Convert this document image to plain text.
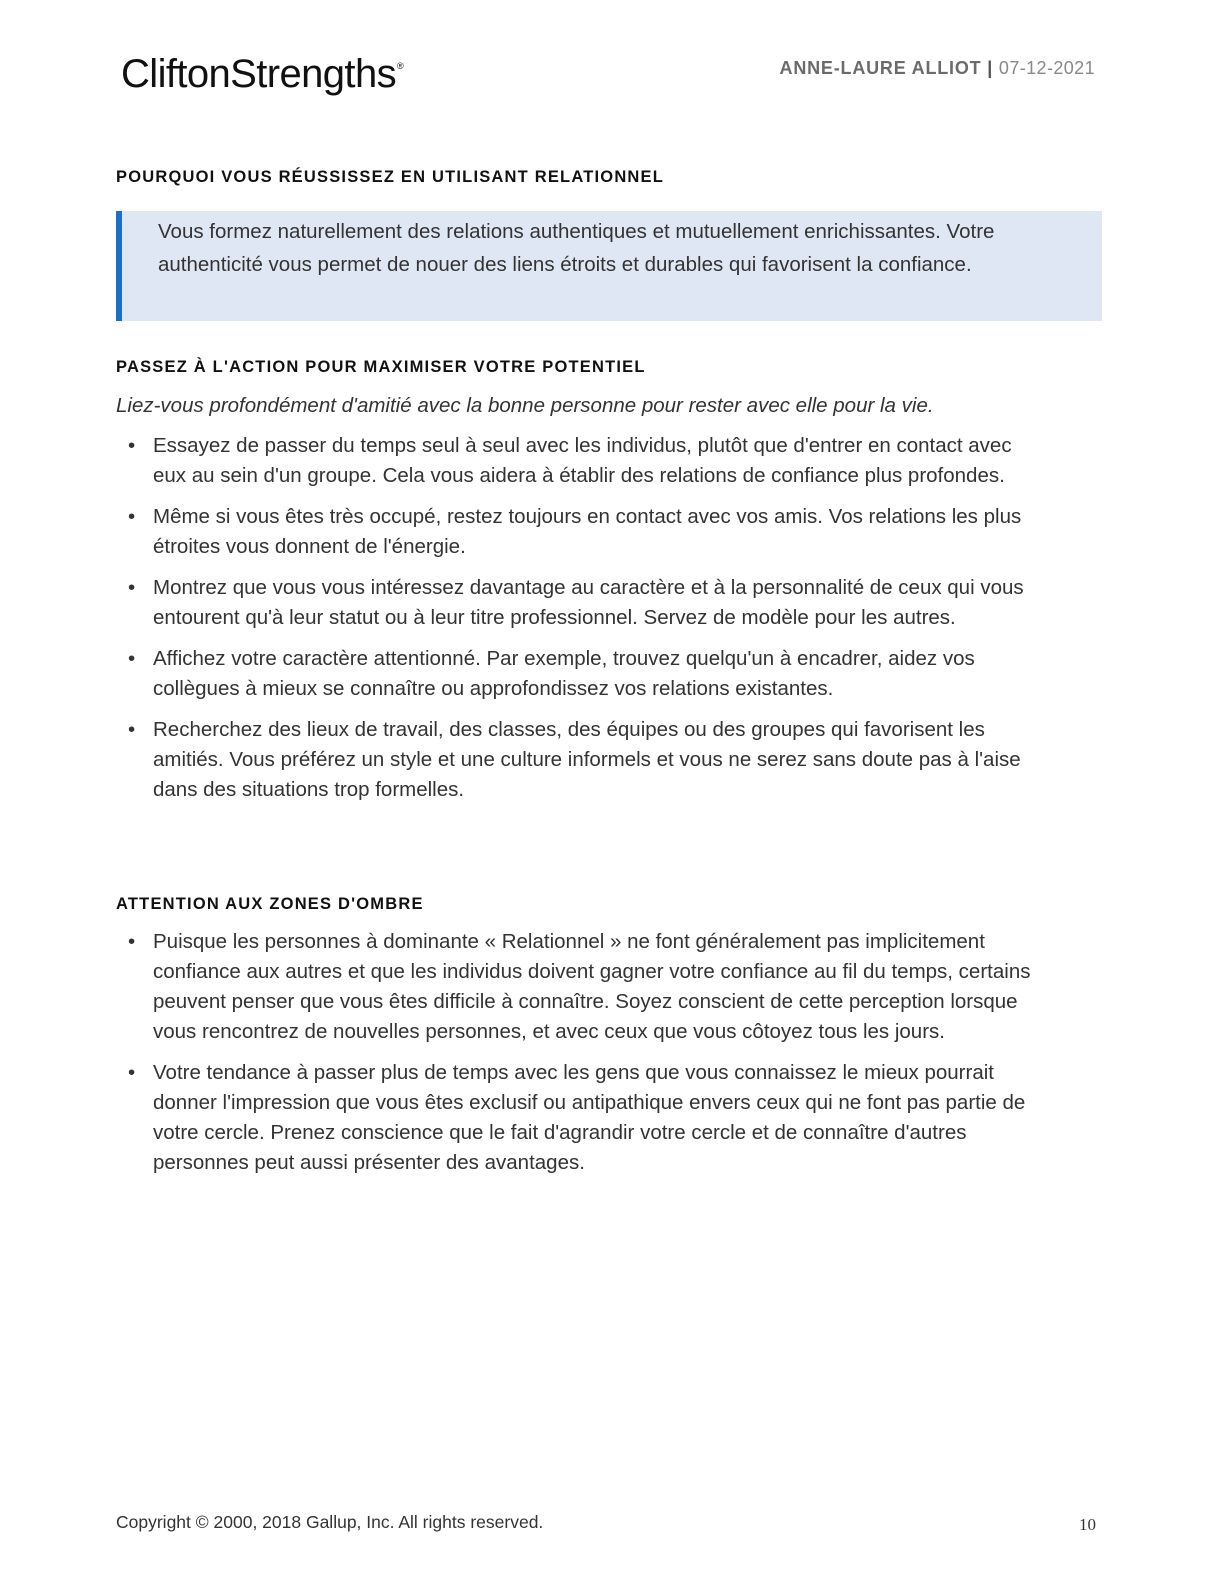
CliftonStrengths®	ANNE-LAURE ALLIOT | 07-12-2021
POURQUOI VOUS RÉUSSISSEZ EN UTILISANT RELATIONNEL
Vous formez naturellement des relations authentiques et mutuellement enrichissantes. Votre authenticité vous permet de nouer des liens étroits et durables qui favorisent la confiance.
PASSEZ À L'ACTION POUR MAXIMISER VOTRE POTENTIEL

Liez-vous profondément d'amitié avec la bonne personne pour rester avec elle pour la vie.

• Essayez de passer du temps seul à seul avec les individus, plutôt que d'entrer en contact avec eux au sein d'un groupe. Cela vous aidera à établir des relations de confiance plus profondes.
• Même si vous êtes très occupé, restez toujours en contact avec vos amis. Vos relations les plus étroites vous donnent de l'énergie.
• Montrez que vous vous intéressez davantage au caractère et à la personnalité de ceux qui vous entourent qu'à leur statut ou à leur titre professionnel. Servez de modèle pour les autres.
• Affichez votre caractère attentionné. Par exemple, trouvez quelqu'un à encadrer, aidez vos collègues à mieux se connaître ou approfondissez vos relations existantes.
• Recherchez des lieux de travail, des classes, des équipes ou des groupes qui favorisent les amitiés. Vous préférez un style et une culture informels et vous ne serez sans doute pas à l'aise dans des situations trop formelles.
ATTENTION AUX ZONES D'OMBRE
• Puisque les personnes à dominante « Relationnel » ne font généralement pas implicitement confiance aux autres et que les individus doivent gagner votre confiance au fil du temps, certains peuvent penser que vous êtes difficile à connaître. Soyez conscient de cette perception lorsque vous rencontrez de nouvelles personnes, et avec ceux que vous côtoyez tous les jours.
• Votre tendance à passer plus de temps avec les gens que vous connaissez le mieux pourrait donner l'impression que vous êtes exclusif ou antipathique envers ceux qui ne font pas partie de votre cercle. Prenez conscience que le fait d'agrandir votre cercle et de connaître d'autres personnes peut aussi présenter des avantages.
Copyright © 2000, 2018 Gallup, Inc. All rights reserved.	10
